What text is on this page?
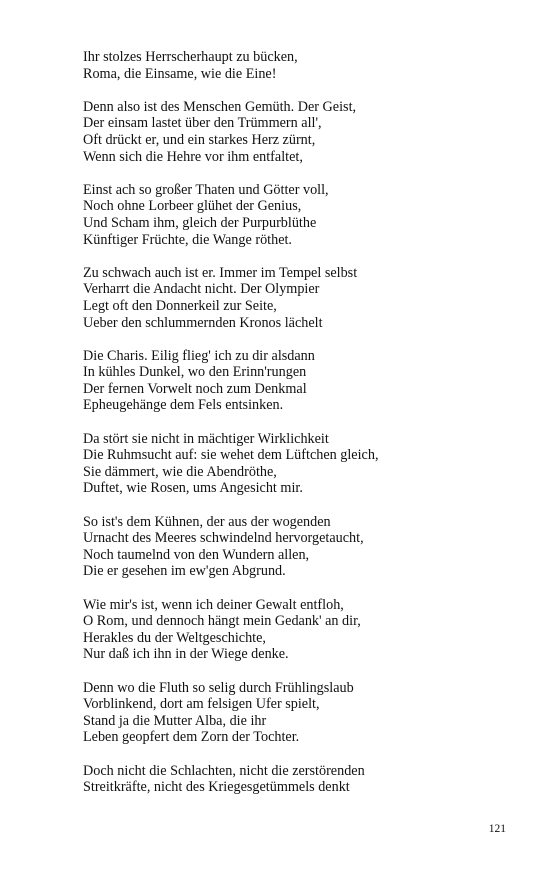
Ihr stolzes Herrscherhaupt zu bücken,
Roma, die Einsame, wie die Eine!
Denn also ist des Menschen Gemüth. Der Geist,
Der einsam lastet über den Trümmern all',
Oft drückt er, und ein starkes Herz zürnt,
Wenn sich die Hehre vor ihm entfaltet,
Einst ach so großer Thaten und Götter voll,
Noch ohne Lorbeer glühet der Genius,
Und Scham ihm, gleich der Purpurblüthe
Künftiger Früchte, die Wange röthet.
Zu schwach auch ist er. Immer im Tempel selbst
Verharrt die Andacht nicht. Der Olympier
Legt oft den Donnerkeil zur Seite,
Ueber den schlummernden Kronos lächelt
Die Charis. Eilig flieg' ich zu dir alsdann
In kühles Dunkel, wo den Erinn'rungen
Der fernen Vorwelt noch zum Denkmal
Epheugehänge dem Fels entsinken.
Da stört sie nicht in mächtiger Wirklichkeit
Die Ruhmsucht auf: sie wehet dem Lüftchen gleich,
Sie dämmert, wie die Abendröthe,
Duftet, wie Rosen, ums Angesicht mir.
So ist's dem Kühnen, der aus der wogenden
Urnacht des Meeres schwindelnd hervorgetaucht,
Noch taumelnd von den Wundern allen,
Die er gesehen im ew'gen Abgrund.
Wie mir's ist, wenn ich deiner Gewalt entfloh,
O Rom, und dennoch hängt mein Gedank' an dir,
Herakles du der Weltgeschichte,
Nur daß ich ihn in der Wiege denke.
Denn wo die Fluth so selig durch Frühlingslaub
Vorblinkend, dort am felsigen Ufer spielt,
Stand ja die Mutter Alba, die ihr
Leben geopfert dem Zorn der Tochter.
Doch nicht die Schlachten, nicht die zerstörenden
Streitkräfte, nicht des Kriegesgetümmels denkt
121
